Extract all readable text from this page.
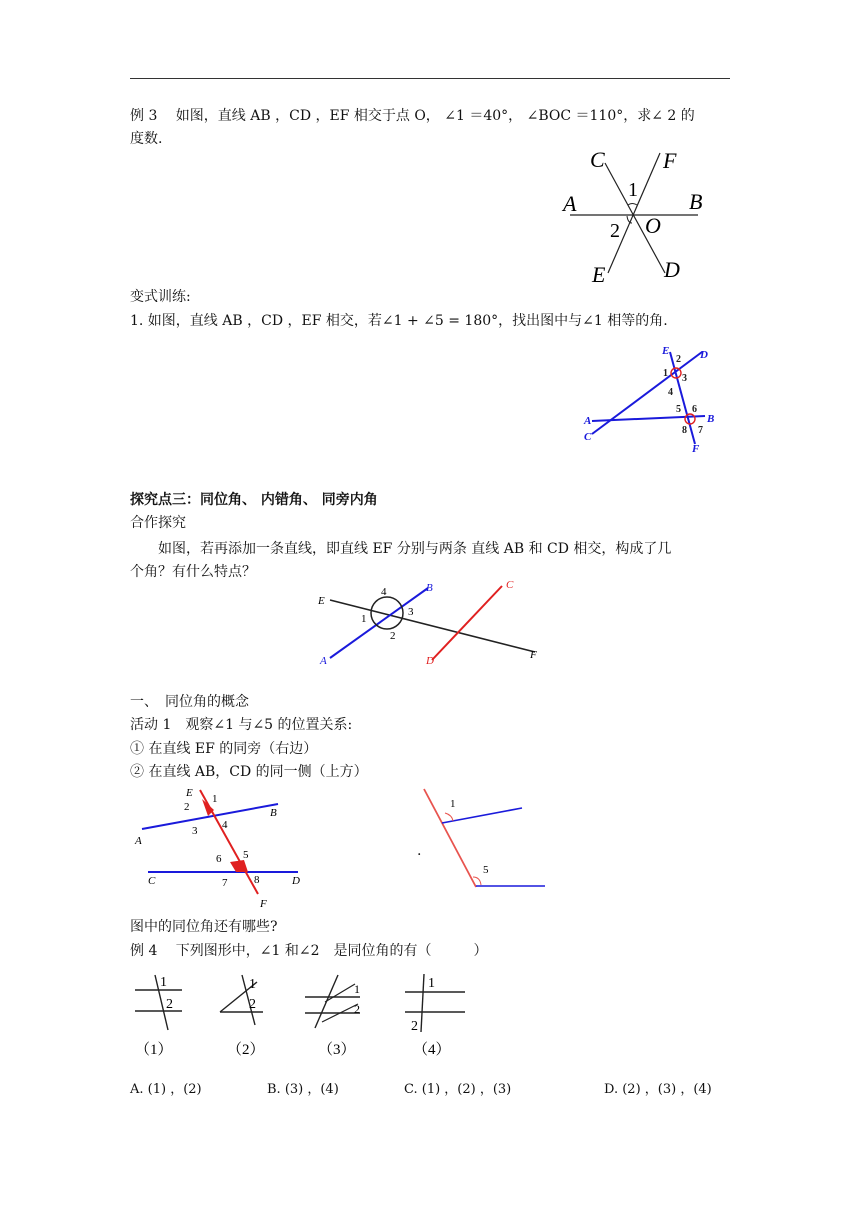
例 3　 如图，直线 AB ，CD ，EF 相交于点 O， ∠1 ＝40°， ∠BOC ＝110°，求∠ 2 的
度数.
C	F
A	B
O
E	D
1
2
变式训练:
1. 如图，直线 AB ，CD ，EF 相交，若∠1 + ∠5 = 180°，找出图中与∠1 相等的角.
E	D
A
C
B
F
2
1 3
4
5 6
8 7
探究点三：同位角、 内错角、 同旁内角
合作探究
如图，若再添加一条直线，即直线 EF 分别与两条 直线 AB 和 CD 相交，构成了几
个角？有什么特点？
E
B	C
A	D	F
4
1
3
2
一、　同位角的概念
活动 1　观察∠1 与∠5 的位置关系:
① 在直线 EF 的同旁（右边）
② 在直线 AB，CD 的同一侧（上方）
E
B
A
C	D
F
1
2
3 4
5
6
7 8
.
1
5
图中的同位角还有哪些?
例 4　 下列图形中，∠1 和∠2　是同位角的有（　　　）
1
2
（1）
1
2
（2）
1
2
（3）
1
2
（4）
A. (1) ，(2)	B. (3) ，(4)	C. (1) ，(2) ，(3)	D. (2) ，(3) ，(4)
